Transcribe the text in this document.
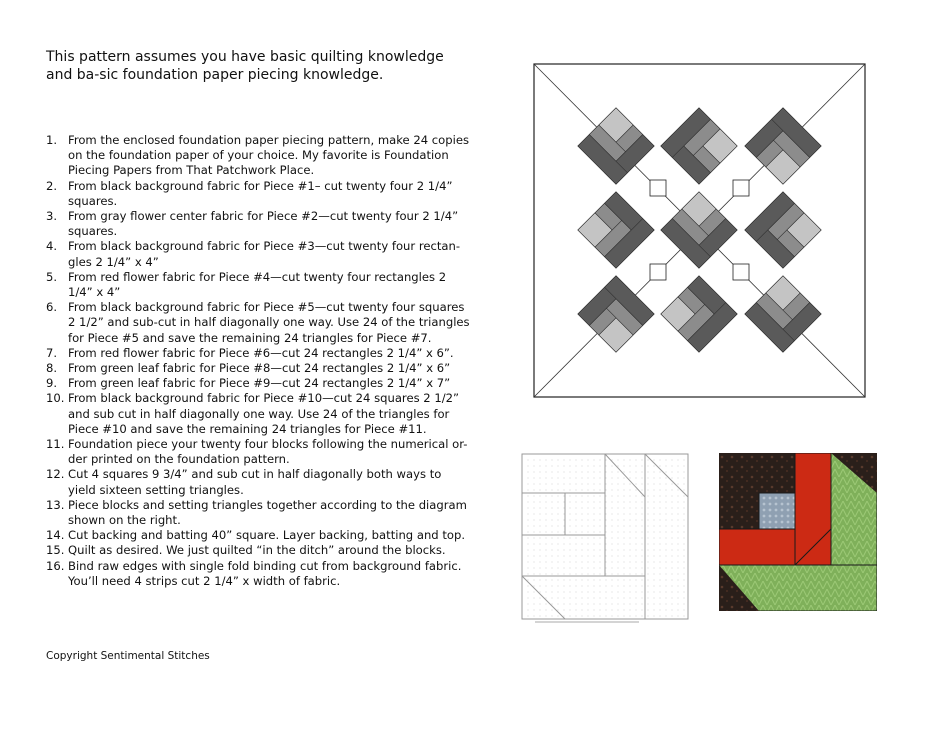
This pattern assumes you have basic quilting knowledge and ba-sic foundation paper piecing knowledge.

1. From the enclosed foundation paper piecing pattern, make 24 copies on the foundation paper of your choice. My favorite is Foundation Piecing Papers from That Patchwork Place.
2. From black background fabric for Piece #1– cut twenty four 2 1/4” squares.
3. From gray flower center fabric for Piece #2—cut twenty four 2 1/4” squares.
4. From black background fabric for Piece #3—cut twenty four rectan-gles 2 1/4” x 4”
5. From red flower fabric for Piece #4—cut twenty four rectangles 2 1/4” x 4”
6. From black background fabric for Piece #5—cut twenty four squares 2 1/2” and sub-cut in half diagonally one way. Use 24 of the triangles for Piece #5 and save the remaining 24 triangles for Piece #7.
7. From red flower fabric for Piece #6—cut 24 rectangles 2 1/4” x 6”.
8. From green leaf fabric for Piece #8—cut 24 rectangles 2 1/4” x 6”
9. From green leaf fabric for Piece #9—cut 24 rectangles 2 1/4” x 7”
10. From black background fabric for Piece #10—cut 24 squares 2 1/2” and sub cut in half diagonally one way. Use 24 of the triangles for Piece #10 and save the remaining 24 triangles for Piece #11.
11. Foundation piece your twenty four blocks following the numerical or-der printed on the foundation pattern.
12. Cut 4 squares 9 3/4” and sub cut in half diagonally both ways to yield sixteen setting triangles.
13. Piece blocks and setting triangles together according to the diagram shown on the right.
14. Cut backing and batting 40” square. Layer backing, batting and top.
15. Quilt as desired. We just quilted “in the ditch” around the blocks.
16. Bind raw edges with single fold binding cut from background fabric. You’ll need 4 strips cut 2 1/4” x width of fabric.

Copyright Sentimental Stitches
